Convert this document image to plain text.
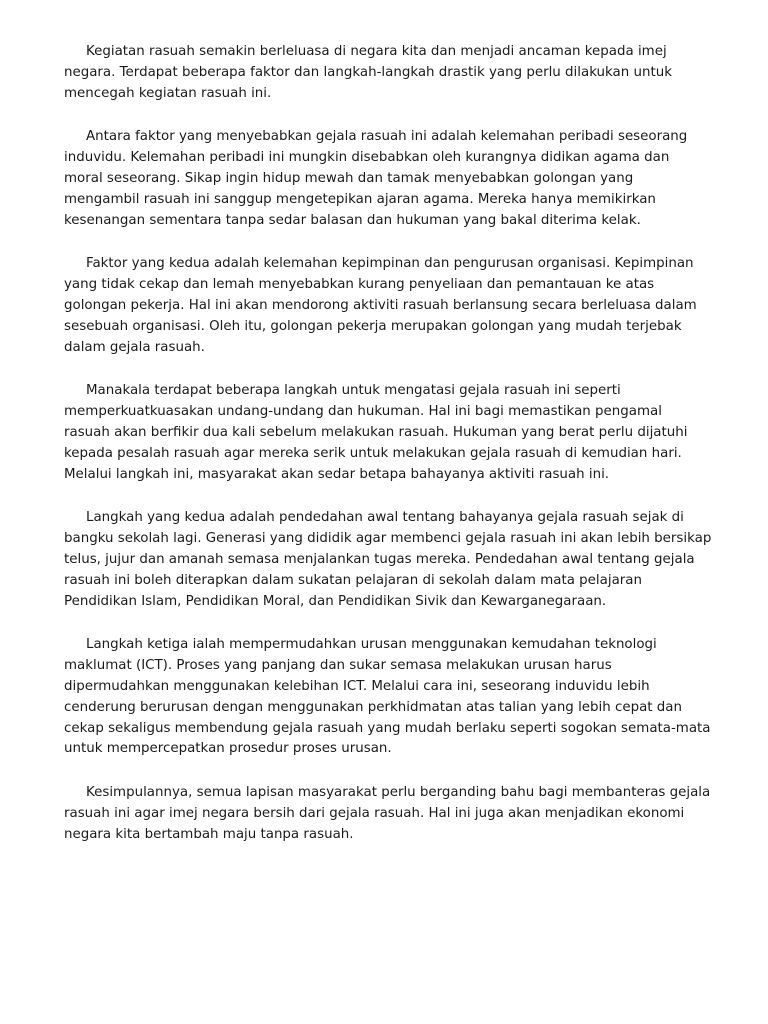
Kegiatan rasuah semakin berleluasa di negara kita dan menjadi ancaman kepada imej negara. Terdapat beberapa faktor dan langkah-langkah drastik yang perlu dilakukan untuk mencegah kegiatan rasuah ini.

Antara faktor yang menyebabkan gejala rasuah ini adalah kelemahan peribadi seseorang induvidu. Kelemahan peribadi ini mungkin disebabkan oleh kurangnya didikan agama dan moral seseorang. Sikap ingin hidup mewah dan tamak menyebabkan golongan yang mengambil rasuah ini sanggup mengetepikan ajaran agama. Mereka hanya memikirkan kesenangan sementara tanpa sedar balasan dan hukuman yang bakal diterima kelak.

Faktor yang kedua adalah kelemahan kepimpinan dan pengurusan organisasi. Kepimpinan yang tidak cekap dan lemah menyebabkan kurang penyeliaan dan pemantauan ke atas golongan pekerja. Hal ini akan mendorong aktiviti rasuah berlansung secara berleluasa dalam sesebuah organisasi. Oleh itu, golongan pekerja merupakan golongan yang mudah terjebak dalam gejala rasuah.

Manakala terdapat beberapa langkah untuk mengatasi gejala rasuah ini seperti memperkuatkuasakan undang-undang dan hukuman. Hal ini bagi memastikan pengamal rasuah akan berfikir dua kali sebelum melakukan rasuah. Hukuman yang berat perlu dijatuhi kepada pesalah rasuah agar mereka serik untuk melakukan gejala rasuah di kemudian hari. Melalui langkah ini, masyarakat akan sedar betapa bahayanya aktiviti rasuah ini.

Langkah yang kedua adalah pendedahan awal tentang bahayanya gejala rasuah sejak di bangku sekolah lagi. Generasi yang dididik agar membenci gejala rasuah ini akan lebih bersikap telus, jujur dan amanah semasa menjalankan tugas mereka. Pendedahan awal tentang gejala rasuah ini boleh diterapkan dalam sukatan pelajaran di sekolah dalam mata pelajaran Pendidikan Islam, Pendidikan Moral, dan Pendidikan Sivik dan Kewarganegaraan.

Langkah ketiga ialah mempermudahkan urusan menggunakan kemudahan teknologi maklumat (ICT). Proses yang panjang dan sukar semasa melakukan urusan harus dipermudahkan menggunakan kelebihan ICT. Melalui cara ini, seseorang induvidu lebih cenderung berurusan dengan menggunakan perkhidmatan atas talian yang lebih cepat dan cekap sekaligus membendung gejala rasuah yang mudah berlaku seperti sogokan semata-mata untuk mempercepatkan prosedur proses urusan.

Kesimpulannya, semua lapisan masyarakat perlu berganding bahu bagi membanteras gejala rasuah ini agar imej negara bersih dari gejala rasuah. Hal ini juga akan menjadikan ekonomi negara kita bertambah maju tanpa rasuah.
